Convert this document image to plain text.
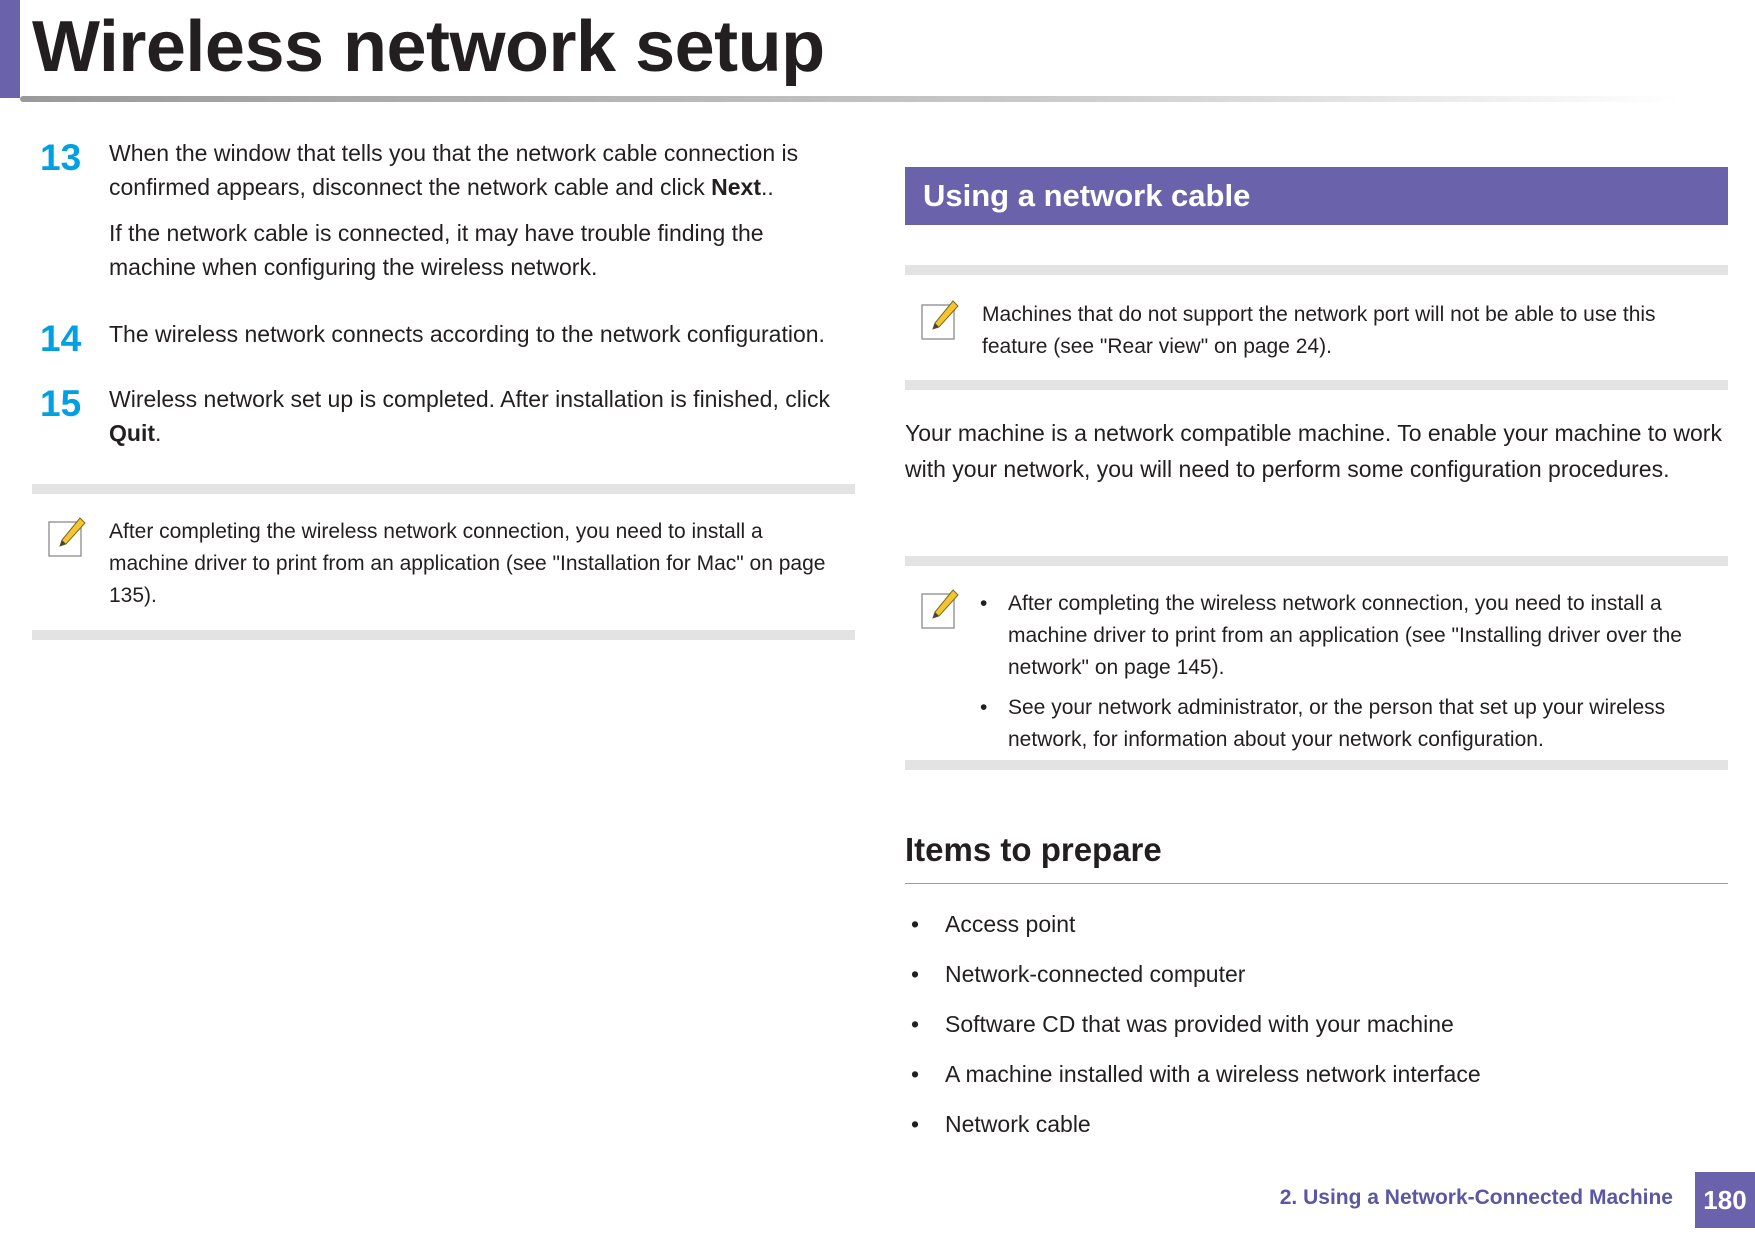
Wireless network setup
13 When the window that tells you that the network cable connection is confirmed appears, disconnect the network cable and click Next..

If the network cable is connected, it may have trouble finding the machine when configuring the wireless network.

14 The wireless network connects according to the network configuration.

15 Wireless network set up is completed. After installation is finished, click Quit.

After completing the wireless network connection, you need to install a machine driver to print from an application (see "Installation for Mac" on page 135).
Using a network cable
Machines that do not support the network port will not be able to use this feature (see "Rear view" on page 24).

Your machine is a network compatible machine. To enable your machine to work with your network, you will need to perform some configuration procedures.

• After completing the wireless network connection, you need to install a machine driver to print from an application (see "Installing driver over the network" on page 145).
• See your network administrator, or the person that set up your wireless network, for information about your network configuration.
Items to prepare
• Access point
• Network-connected computer
• Software CD that was provided with your machine
• A machine installed with a wireless network interface
• Network cable
2. Using a Network-Connected Machine	180
